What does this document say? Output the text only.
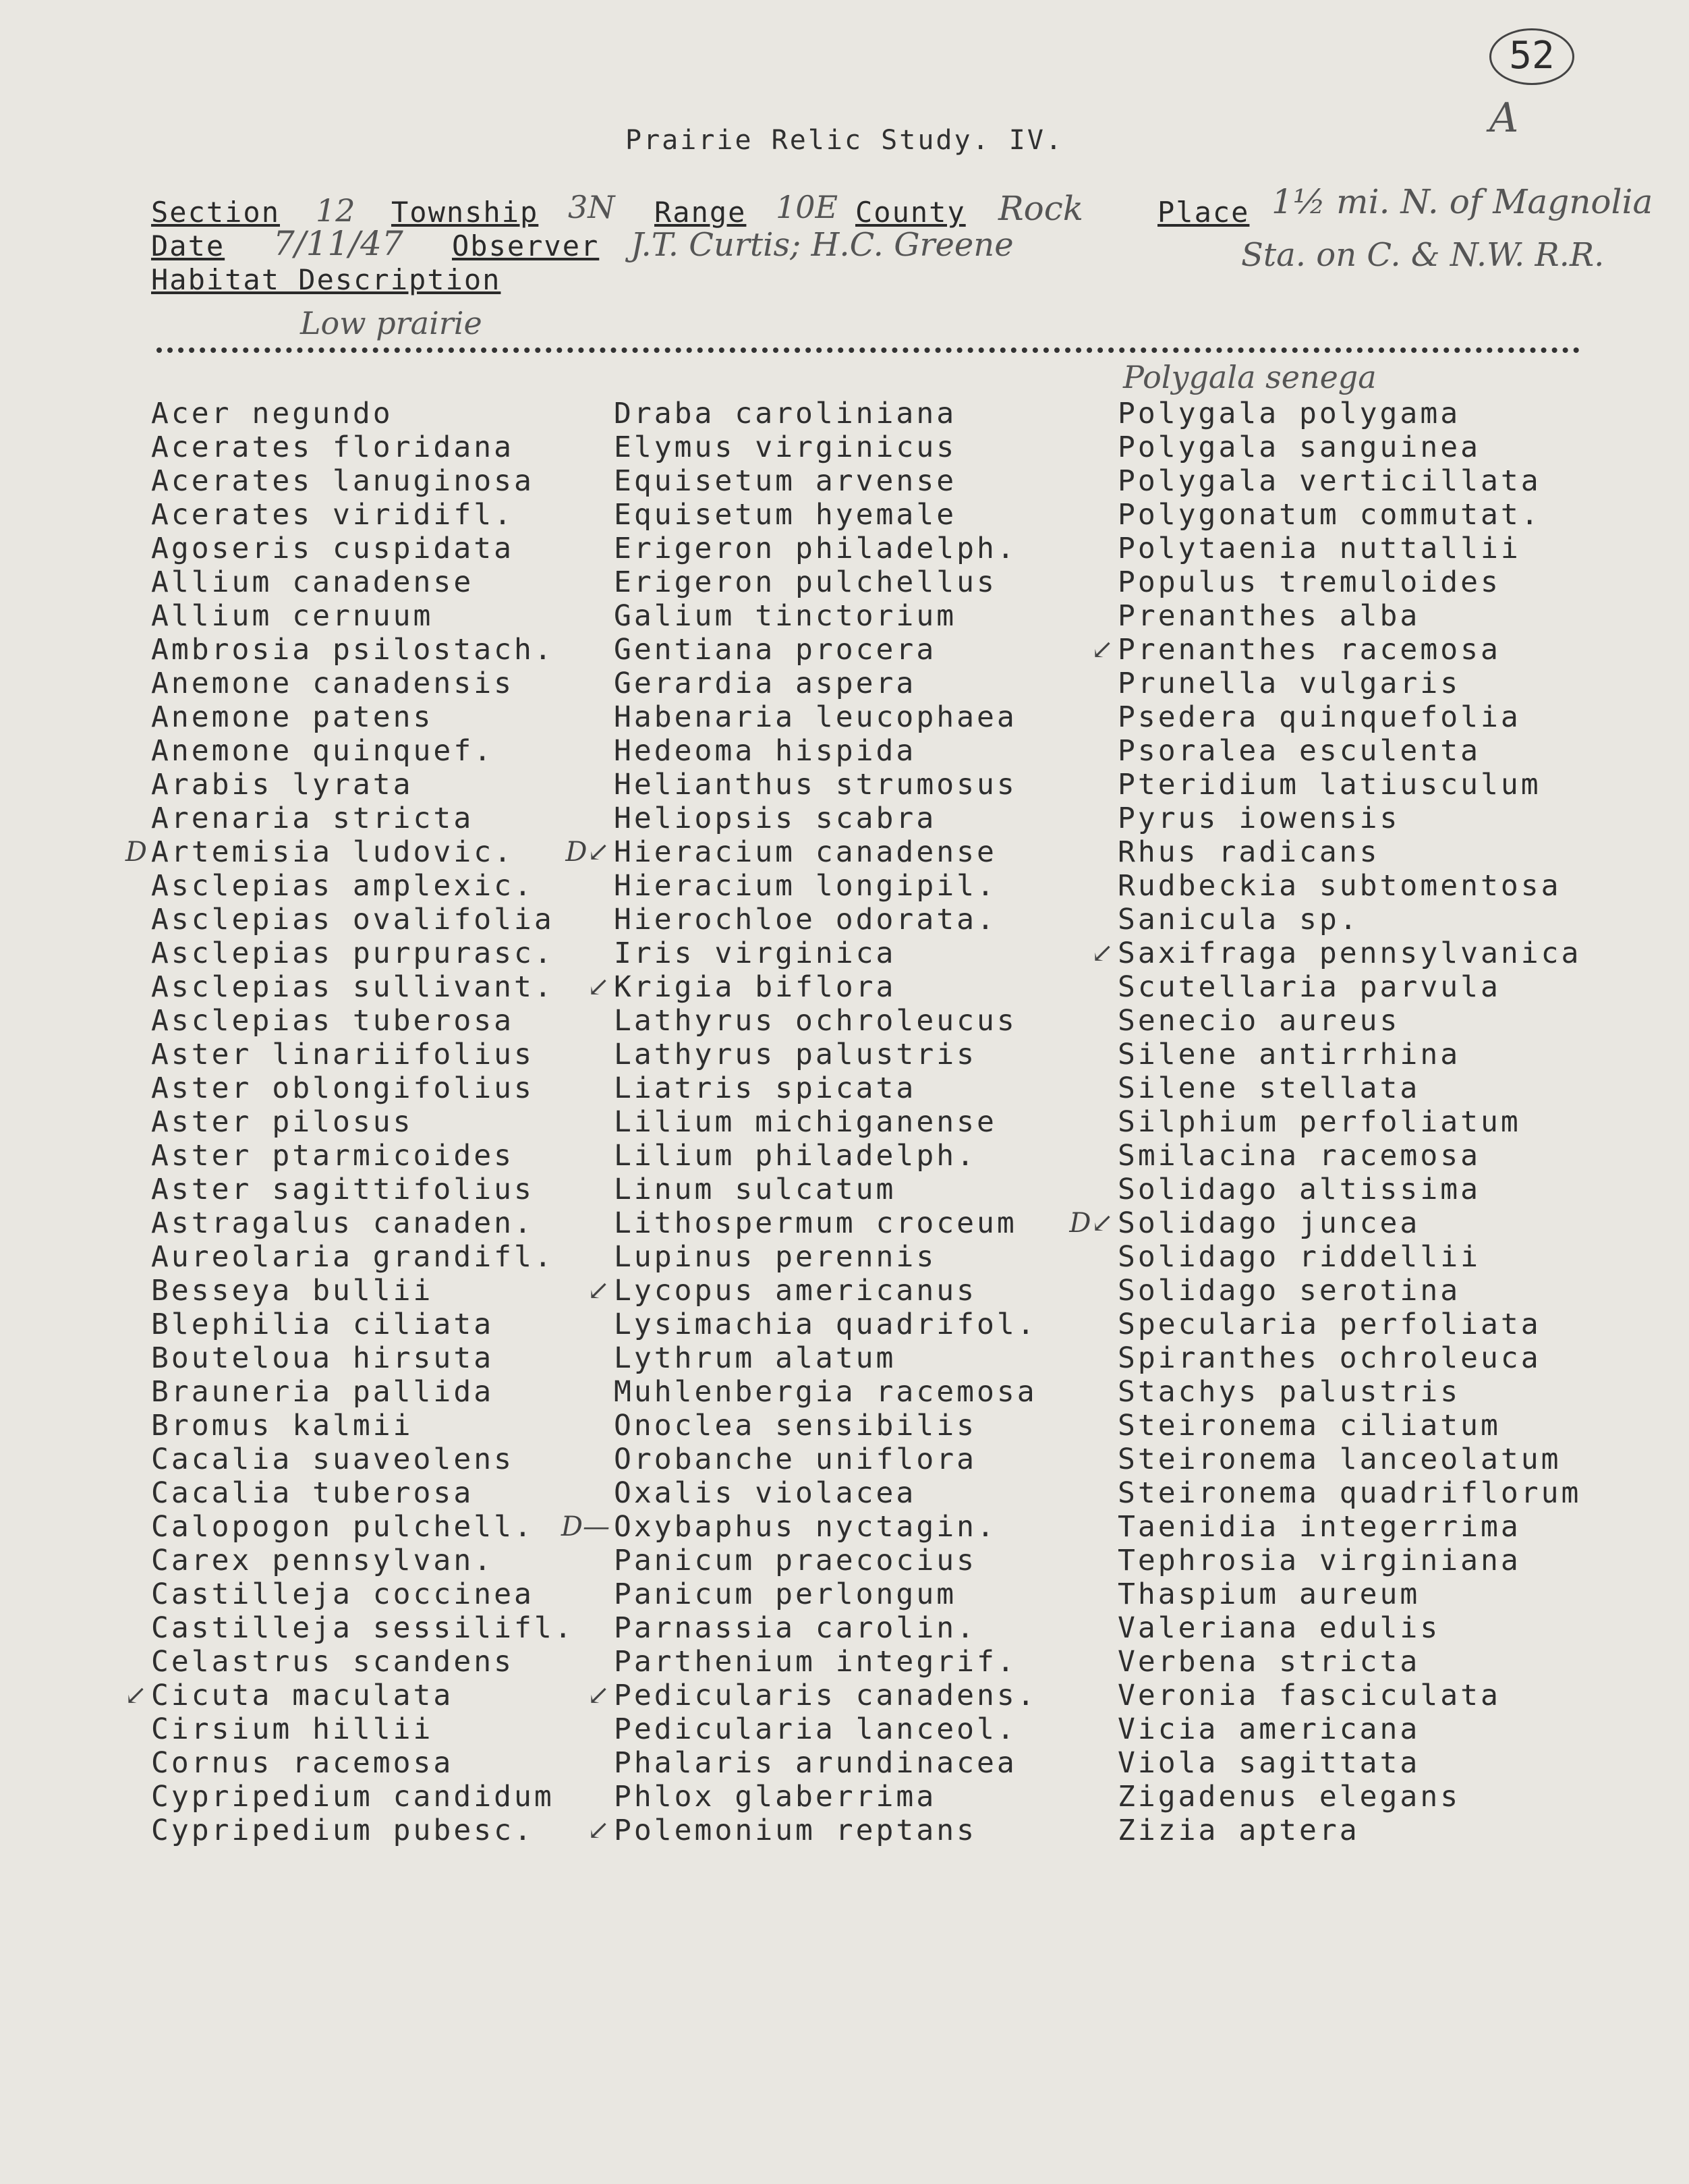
52
A
Prairie Relic Study. IV.
Section 12 Township 3N Range 10E County Rock	Place 1½ mi. N. of Magnolia
Date 7/11/47 Observer J.T. Curtis; H.C. Greene	Sta. on C. & N.W. R.R.
Habitat Description
Low prairie
Polygala senega
Acer negundo
Acerates floridana
Acerates lanuginosa
Acerates viridifl.
Agoseris cuspidata
Allium canadense
Allium cernuum
Ambrosia psilostach.
Anemone canadensis
Anemone patens
Anemone quinquef.
Arabis lyrata
Arenaria stricta
D Artemisia ludovic.
Asclepias amplexic.
Asclepias ovalifolia
Asclepias purpurasc.
Asclepias sullivant.
Asclepias tuberosa
Aster linariifolius
Aster oblongifolius
Aster pilosus
Aster ptarmicoides
Aster sagittifolius
Astragalus canaden.
Aureolaria grandifl.
Besseya bullii
Blephilia ciliata
Bouteloua hirsuta
Brauneria pallida
Bromus kalmii
Cacalia suaveolens
Cacalia tuberosa
Calopogon pulchell.
Carex pennsylvan.
Castilleja coccinea
Castilleja sessilifl.
Celastrus scandens
↙ Cicuta maculata
Cirsium hillii
Cornus racemosa
Cypripedium candidum
Cypripedium pubesc.
Draba caroliniana
Elymus virginicus
Equisetum arvense
Equisetum hyemale
Erigeron philadelph.
Erigeron pulchellus
Galium tinctorium
Gentiana procera
Gerardia aspera
Habenaria leucophaea
Hedeoma hispida
Helianthus strumosus
Heliopsis scabra
D↙ Hieracium canadense
Hieracium longipil.
Hierochloe odorata.
Iris virginica
↙ Krigia biflora
Lathyrus ochroleucus
Lathyrus palustris
Liatris spicata
Lilium michiganense
Lilium philadelph.
Linum sulcatum
Lithospermum croceum
Lupinus perennis
↙ Lycopus americanus
Lysimachia quadrifol.
Lythrum alatum
Muhlenbergia racemosa
Onoclea sensibilis
Orobanche uniflora
Oxalis violacea
D— Oxybaphus nyctagin.
Panicum praecocius
Panicum perlongum
Parnassia carolin.
Parthenium integrif.
↙ Pedicularis canadens.
Pedicularia lanceol.
Phalaris arundinacea
Phlox glaberrima
↙ Polemonium reptans
Polygala polygama
Polygala sanguinea
Polygala verticillata
Polygonatum commutat.
Polytaenia nuttallii
Populus tremuloides
Prenanthes alba
↙ Prenanthes racemosa
Prunella vulgaris
Psedera quinquefolia
Psoralea esculenta
Pteridium latiusculum
Pyrus iowensis
Rhus radicans
Rudbeckia subtomentosa
Sanicula sp.
↙ Saxifraga pennsylvanica
Scutellaria parvula
Senecio aureus
Silene antirrhina
Silene stellata
Silphium perfoliatum
Smilacina racemosa
Solidago altissima
D↙ Solidago juncea
Solidago riddellii
Solidago serotina
Specularia perfoliata
Spiranthes ochroleuca
Stachys palustris
Steironema ciliatum
Steironema lanceolatum
Steironema quadriflorum
Taenidia integerrima
Tephrosia virginiana
Thaspium aureum
Valeriana edulis
Verbena stricta
Veronia fasciculata
Vicia americana
Viola sagittata
Zigadenus elegans
Zizia aptera
